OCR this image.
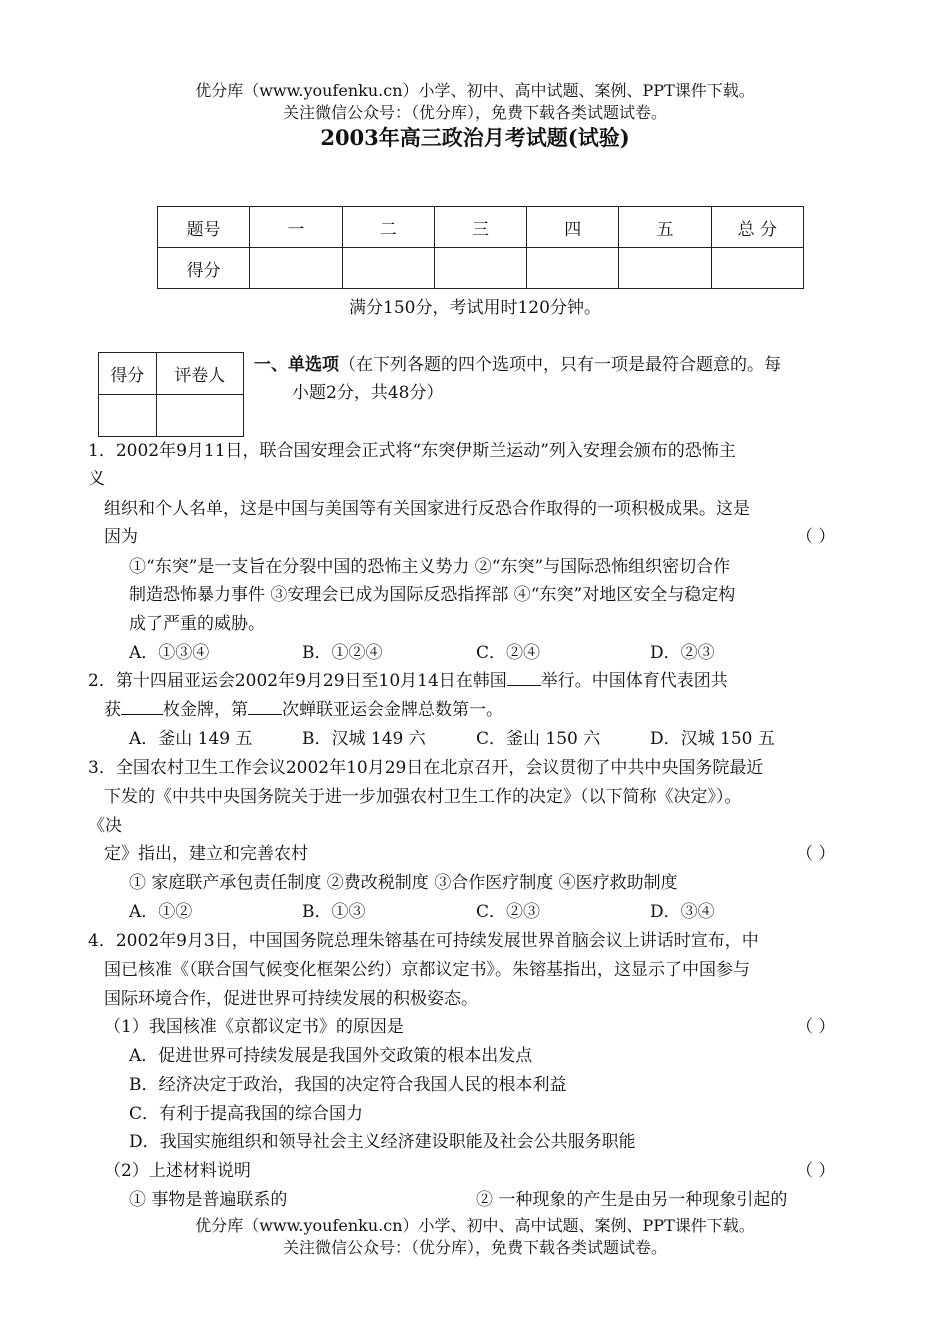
优分库（www.youfenku.cn）小学、初中、高中试题、案例、PPT课件下载。
关注微信公众号：（优分库），免费下载各类试题试卷。
2003年高三政治月考试题(试验)
题号	一	二	三	四	五	总 分
得分						
满分150分，考试用时120分钟。
得分	评卷人

一、单选项（在下列各题的四个选项中，只有一项是最符合题意的。每
小题2分，共48分）
1．2002年9月11日，联合国安理会正式将“东突伊斯兰运动”列入安理会颁布的恐怖主
义
组织和个人名单，这是中国与美国等有关国家进行反恐合作取得的一项积极成果。这是
因为	（ ）
①“东突”是一支旨在分裂中国的恐怖主义势力 ②“东突”与国际恐怖组织密切合作
制造恐怖暴力事件 ③安理会已成为国际反恐指挥部 ④“东突”对地区安全与稳定构
成了严重的威胁。
A．①③④	B．①②④	C．②④	D．②③
2．第十四届亚运会2002年9月29日至10月14日在韩国 举行。中国体育代表团共
获 枚金牌，第 次蝉联亚运会金牌总数第一。
A．釜山 149 五	B．汉城 149 六	C．釜山 150 六	D．汉城 150 五
3．全国农村卫生工作会议2002年10月29日在北京召开，会议贯彻了中共中央国务院最近
下发的《中共中央国务院关于进一步加强农村卫生工作的决定》（以下简称《决定》）。
《决
定》指出，建立和完善农村	（ ）
① 家庭联产承包责任制度 ②费改税制度 ③合作医疗制度 ④医疗救助制度
A．①②	B．①③	C．②③	D．③④
4．2002年9月3日，中国国务院总理朱镕基在可持续发展世界首脑会议上讲话时宣布，中
国已核准《（联合国气候变化框架公约）京都议定书》。朱镕基指出，这显示了中国参与
国际环境合作，促进世界可持续发展的积极姿态。
（1）我国核准《京都议定书》的原因是	（ ）
A．促进世界可持续发展是我国外交政策的根本出发点
B．经济决定于政治，我国的决定符合我国人民的根本利益
C．有利于提高我国的综合国力
D．我国实施组织和领导社会主义经济建设职能及社会公共服务职能
（2）上述材料说明	（ ）
① 事物是普遍联系的	② 一种现象的产生是由另一种现象引起的
优分库（www.youfenku.cn）小学、初中、高中试题、案例、PPT课件下载。
关注微信公众号：（优分库），免费下载各类试题试卷。
